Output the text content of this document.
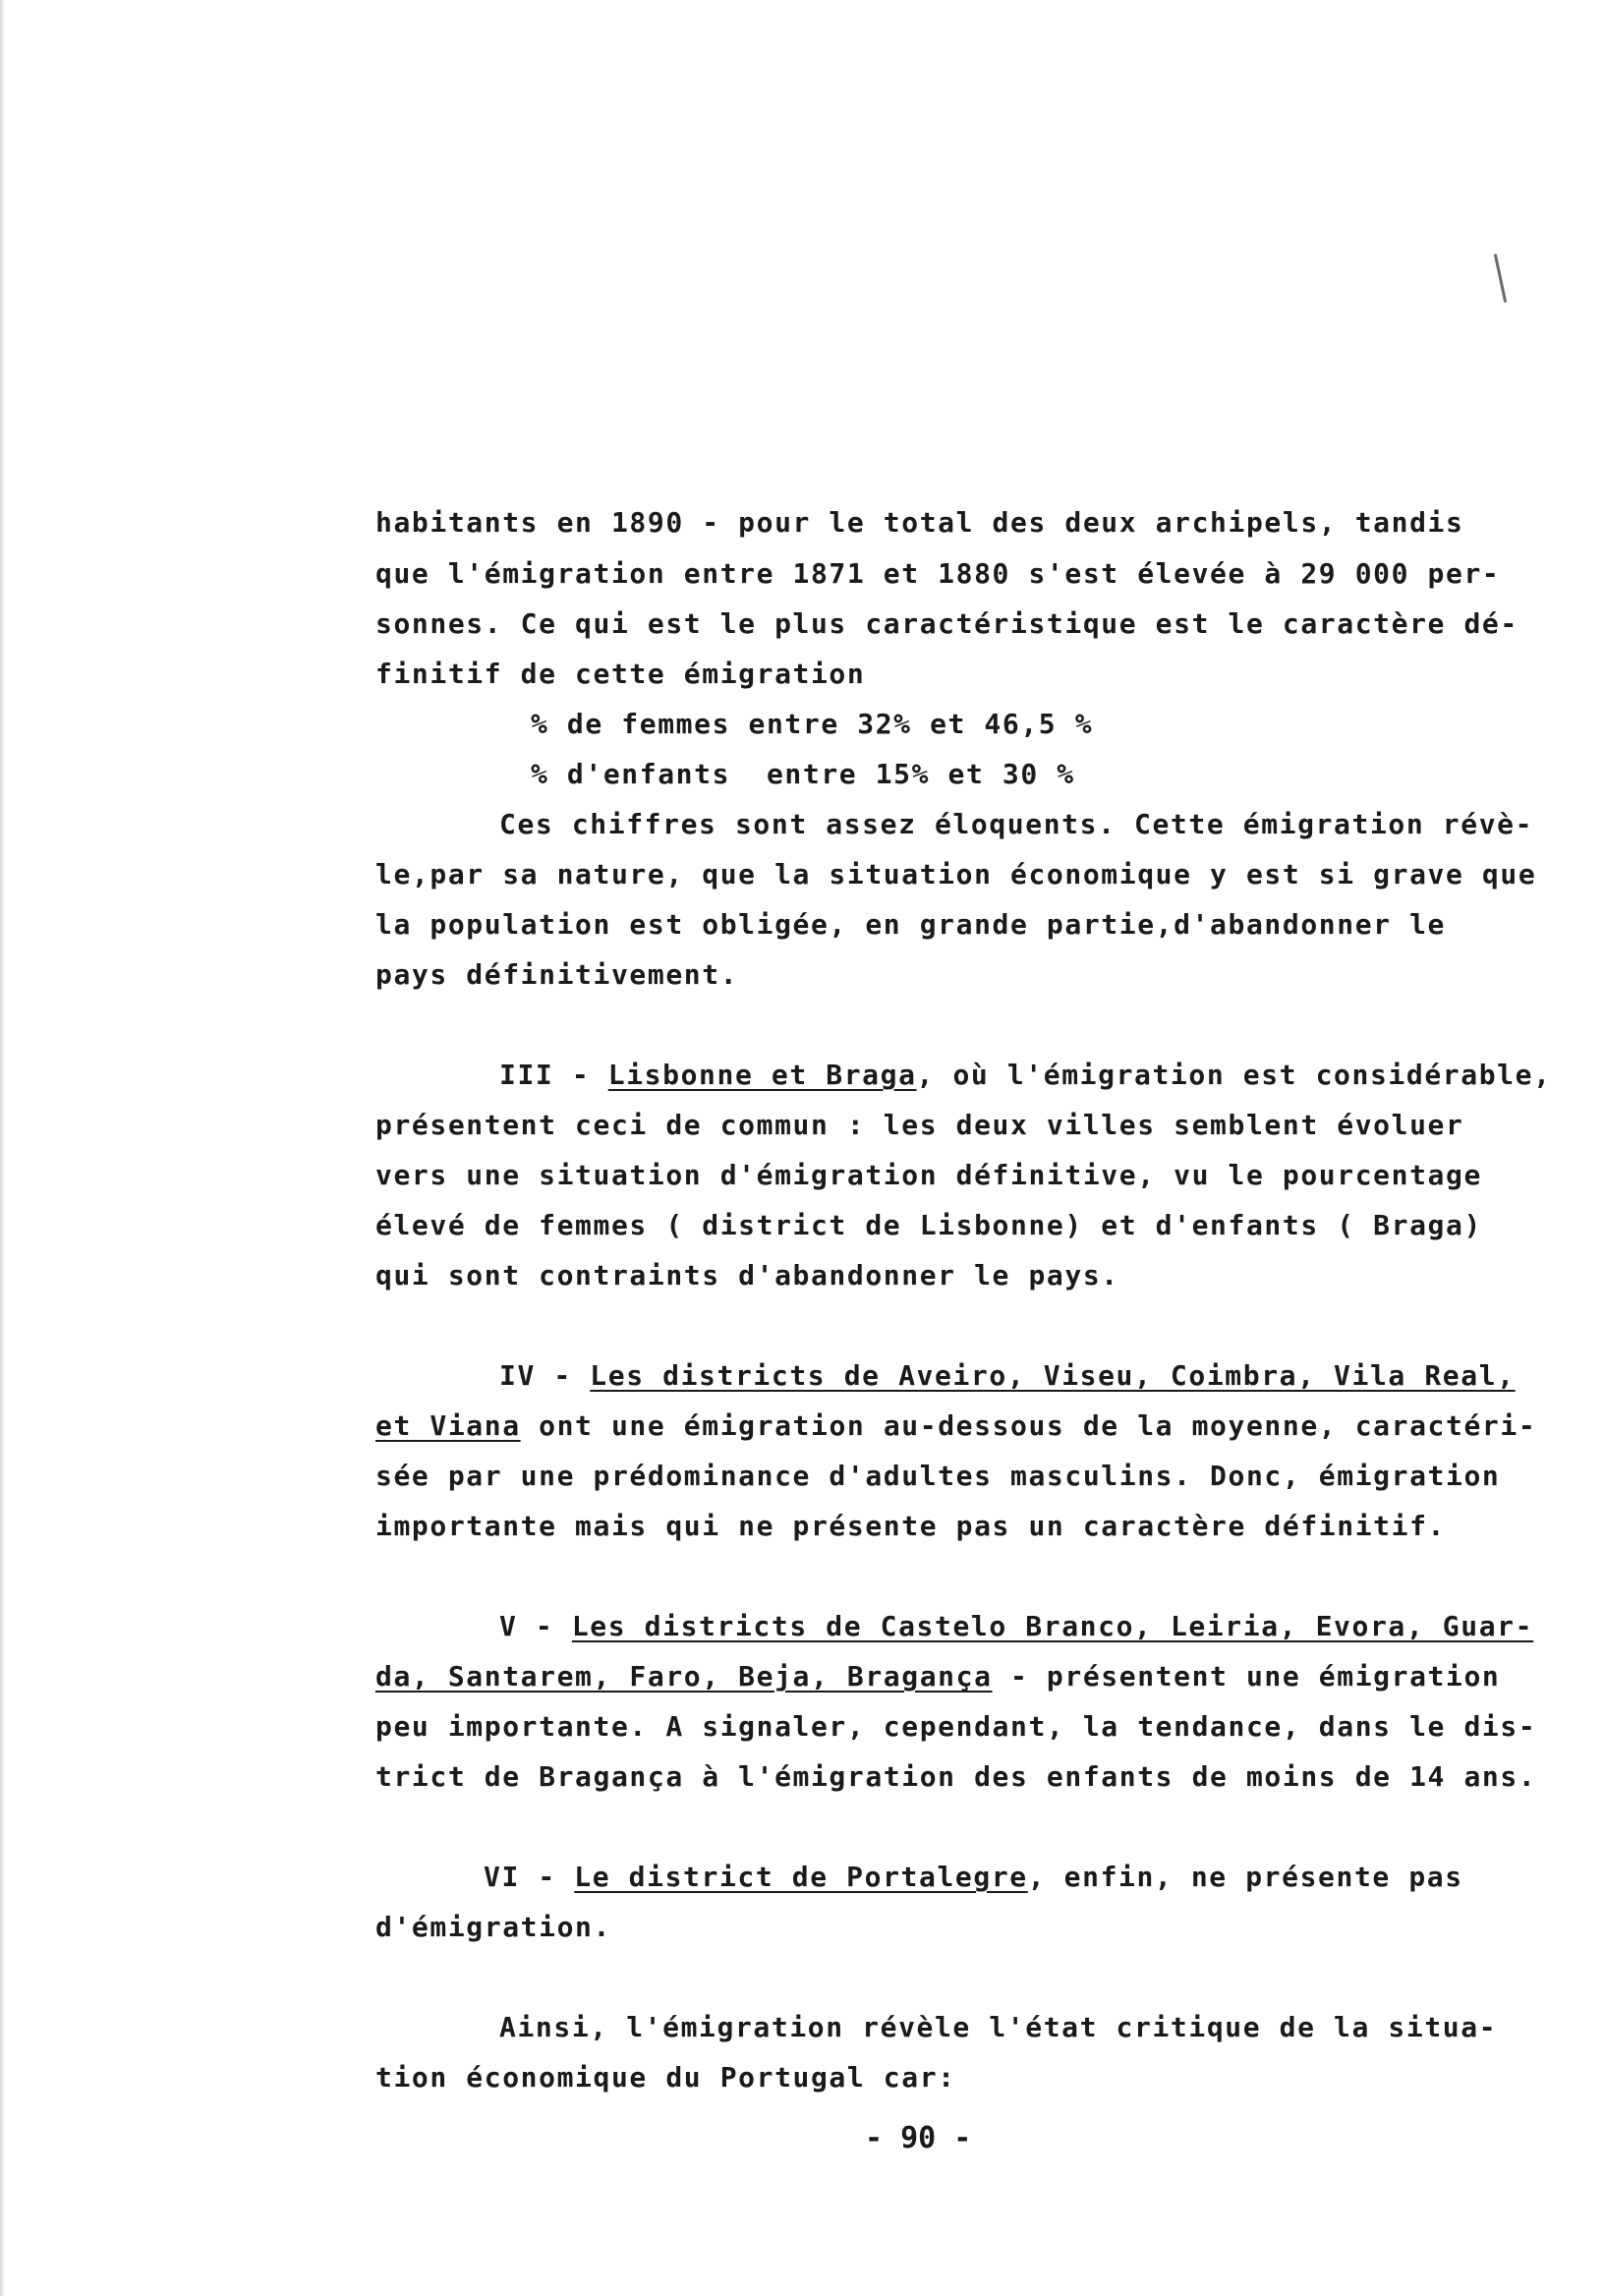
habitants en 1890 - pour le total des deux archipels, tandis
que l'émigration entre 1871 et 1880 s'est élevée à 29 000 per-
sonnes. Ce qui est le plus caractéristique est le caractère dé-
finitif de cette émigration
% de femmes entre 32% et 46,5 %
% d'enfants  entre 15% et 30 %
Ces chiffres sont assez éloquents. Cette émigration révè-
le,par sa nature, que la situation économique y est si grave que
la population est obligée, en grande partie,d'abandonner le
pays définitivement.
III - Lisbonne et Braga, où l'émigration est considérable,
présentent ceci de commun : les deux villes semblent évoluer
vers une situation d'émigration définitive, vu le pourcentage
élevé de femmes ( district de Lisbonne) et d'enfants ( Braga)
qui sont contraints d'abandonner le pays.
IV - Les districts de Aveiro, Viseu, Coimbra, Vila Real,
et Viana ont une émigration au-dessous de la moyenne, caractéri-
sée par une prédominance d'adultes masculins. Donc, émigration
importante mais qui ne présente pas un caractère définitif.
V - Les districts de Castelo Branco, Leiria, Evora, Guar-
da, Santarem, Faro, Beja, Bragança - présentent une émigration
peu importante. A signaler, cependant, la tendance, dans le dis-
trict de Bragança à l'émigration des enfants de moins de 14 ans.
VI - Le district de Portalegre, enfin, ne présente pas
d'émigration.
Ainsi, l'émigration révèle l'état critique de la situa-
tion économique du Portugal car:
- 90 -
